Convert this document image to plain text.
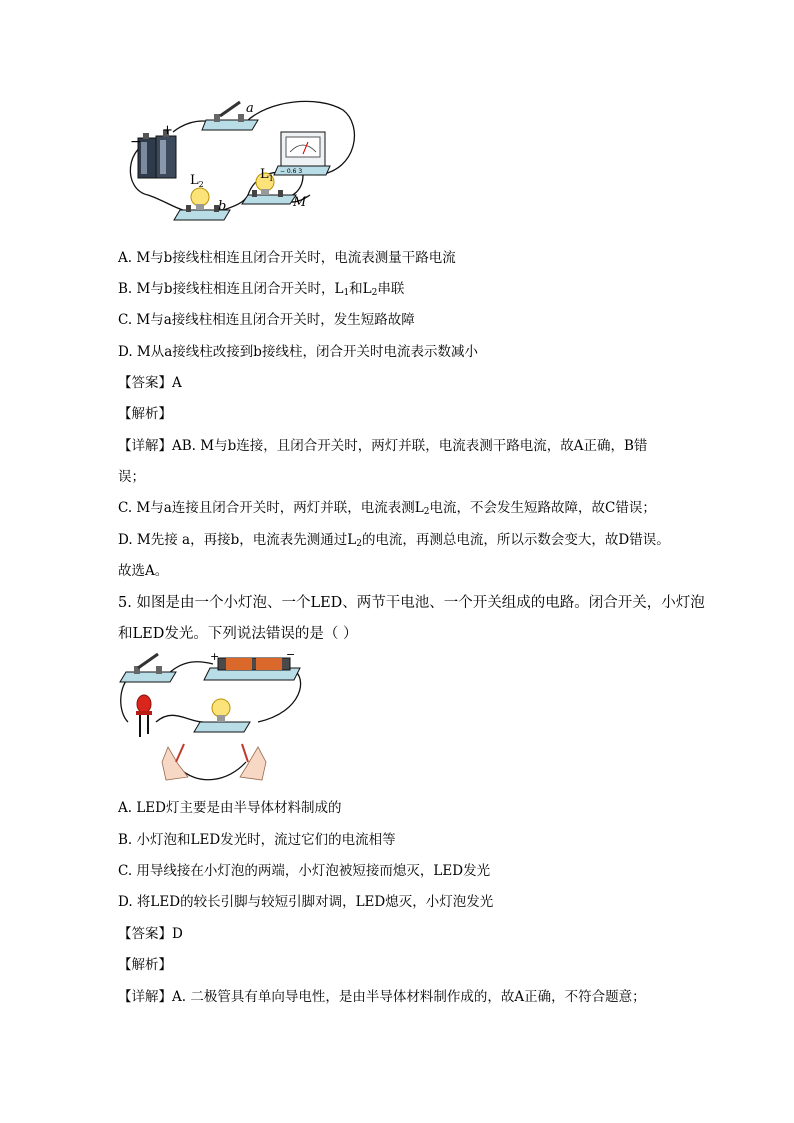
−
+
a
− 0.6 3
$L_2$
b
$L_1$
M
A. M与b接线柱相连且闭合开关时，电流表测量干路电流
B. M与b接线柱相连且闭合开关时，$L_1$和$L_2$串联
C. M与a接线柱相连且闭合开关时，发生短路故障
D. M从a接线柱改接到b接线柱，闭合开关时电流表示数减小
【答案】A
【解析】
【详解】AB. M与b连接，且闭合开关时，两灯并联，电流表测干路电流，故A正确，B错
误；
C. M与a连接且闭合开关时，两灯并联，电流表测$L_2$电流，不会发生短路故障，故C错误；
D. M先接 a，再接b，电流表先测通过$L_2$的电流，再测总电流，所以示数会变大，故D错误。
故选A。
5. 如图是由一个小灯泡、一个LED、两节干电池、一个开关组成的电路。闭合开关，小灯泡
和LED发光。下列说法错误的是（ ）
−
+
A. LED灯主要是由半导体材料制成的
B. 小灯泡和LED发光时，流过它们的电流相等
C. 用导线接在小灯泡的两端，小灯泡被短接而熄灭，LED发光
D. 将LED的较长引脚与较短引脚对调，LED熄灭，小灯泡发光
【答案】D
【解析】
【详解】A. 二极管具有单向导电性，是由半导体材料制作成的，故A正确，不符合题意；
